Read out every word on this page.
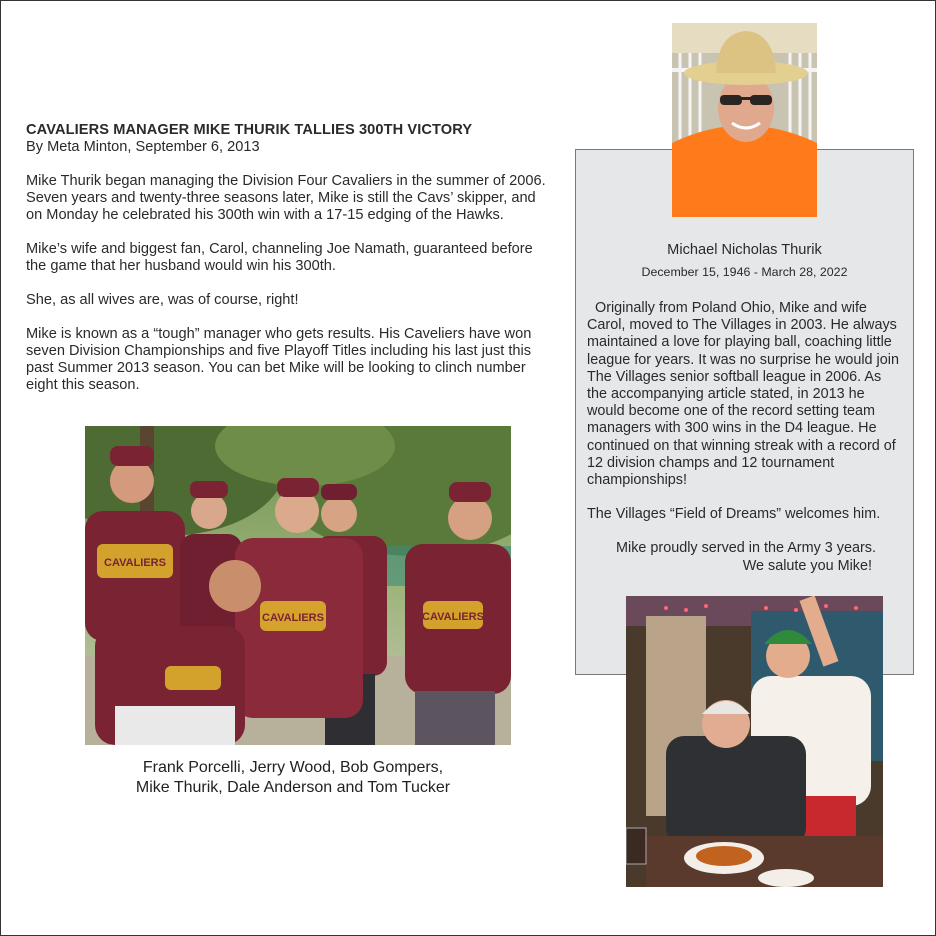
CAVALIERS MANAGER MIKE THURIK TALLIES 300TH VICTORY
By Meta Minton, September 6, 2013

Mike Thurik began managing the Division Four Cavaliers in the summer of 2006. Seven years and twenty-three seasons later, Mike is still the Cavs’ skipper, and on Monday he celebrated his 300th win with a 17-15 edging of the Hawks.

Mike’s wife and biggest fan, Carol, channeling Joe Namath, guaranteed before the game that her husband would win his 300th.

She, as all wives are, was of course, right!

Mike is known as a “tough” manager who gets results. His Caveliers have won seven Division Championships and five Playoff Titles including his last just this past Summer 2013 season. You can bet Mike will be looking to clinch number eight this season.

CAVALIERS
CAVALIERS	CAVALIERS
Frank Porcelli, Jerry Wood, Bob Gompers,
Mike Thurik, Dale Anderson and Tom Tucker
Michael Nicholas Thurik
December 15, 1946 - March 28, 2022

Originally from Poland Ohio, Mike and wife Carol, moved to The Villages in 2003. He always maintained a love for playing ball, coaching little league for years. It was no surprise he would join The Villages senior softball league in 2006. As the accompanying article stated, in 2013 he would become one of the record setting team managers with 300 wins in the D4 league. He continued on that winning streak with a record of 12 division champs and 12 tournament championships!

The Villages “Field of Dreams” welcomes him.

Mike proudly served in the Army 3 years.

We salute you Mike!
